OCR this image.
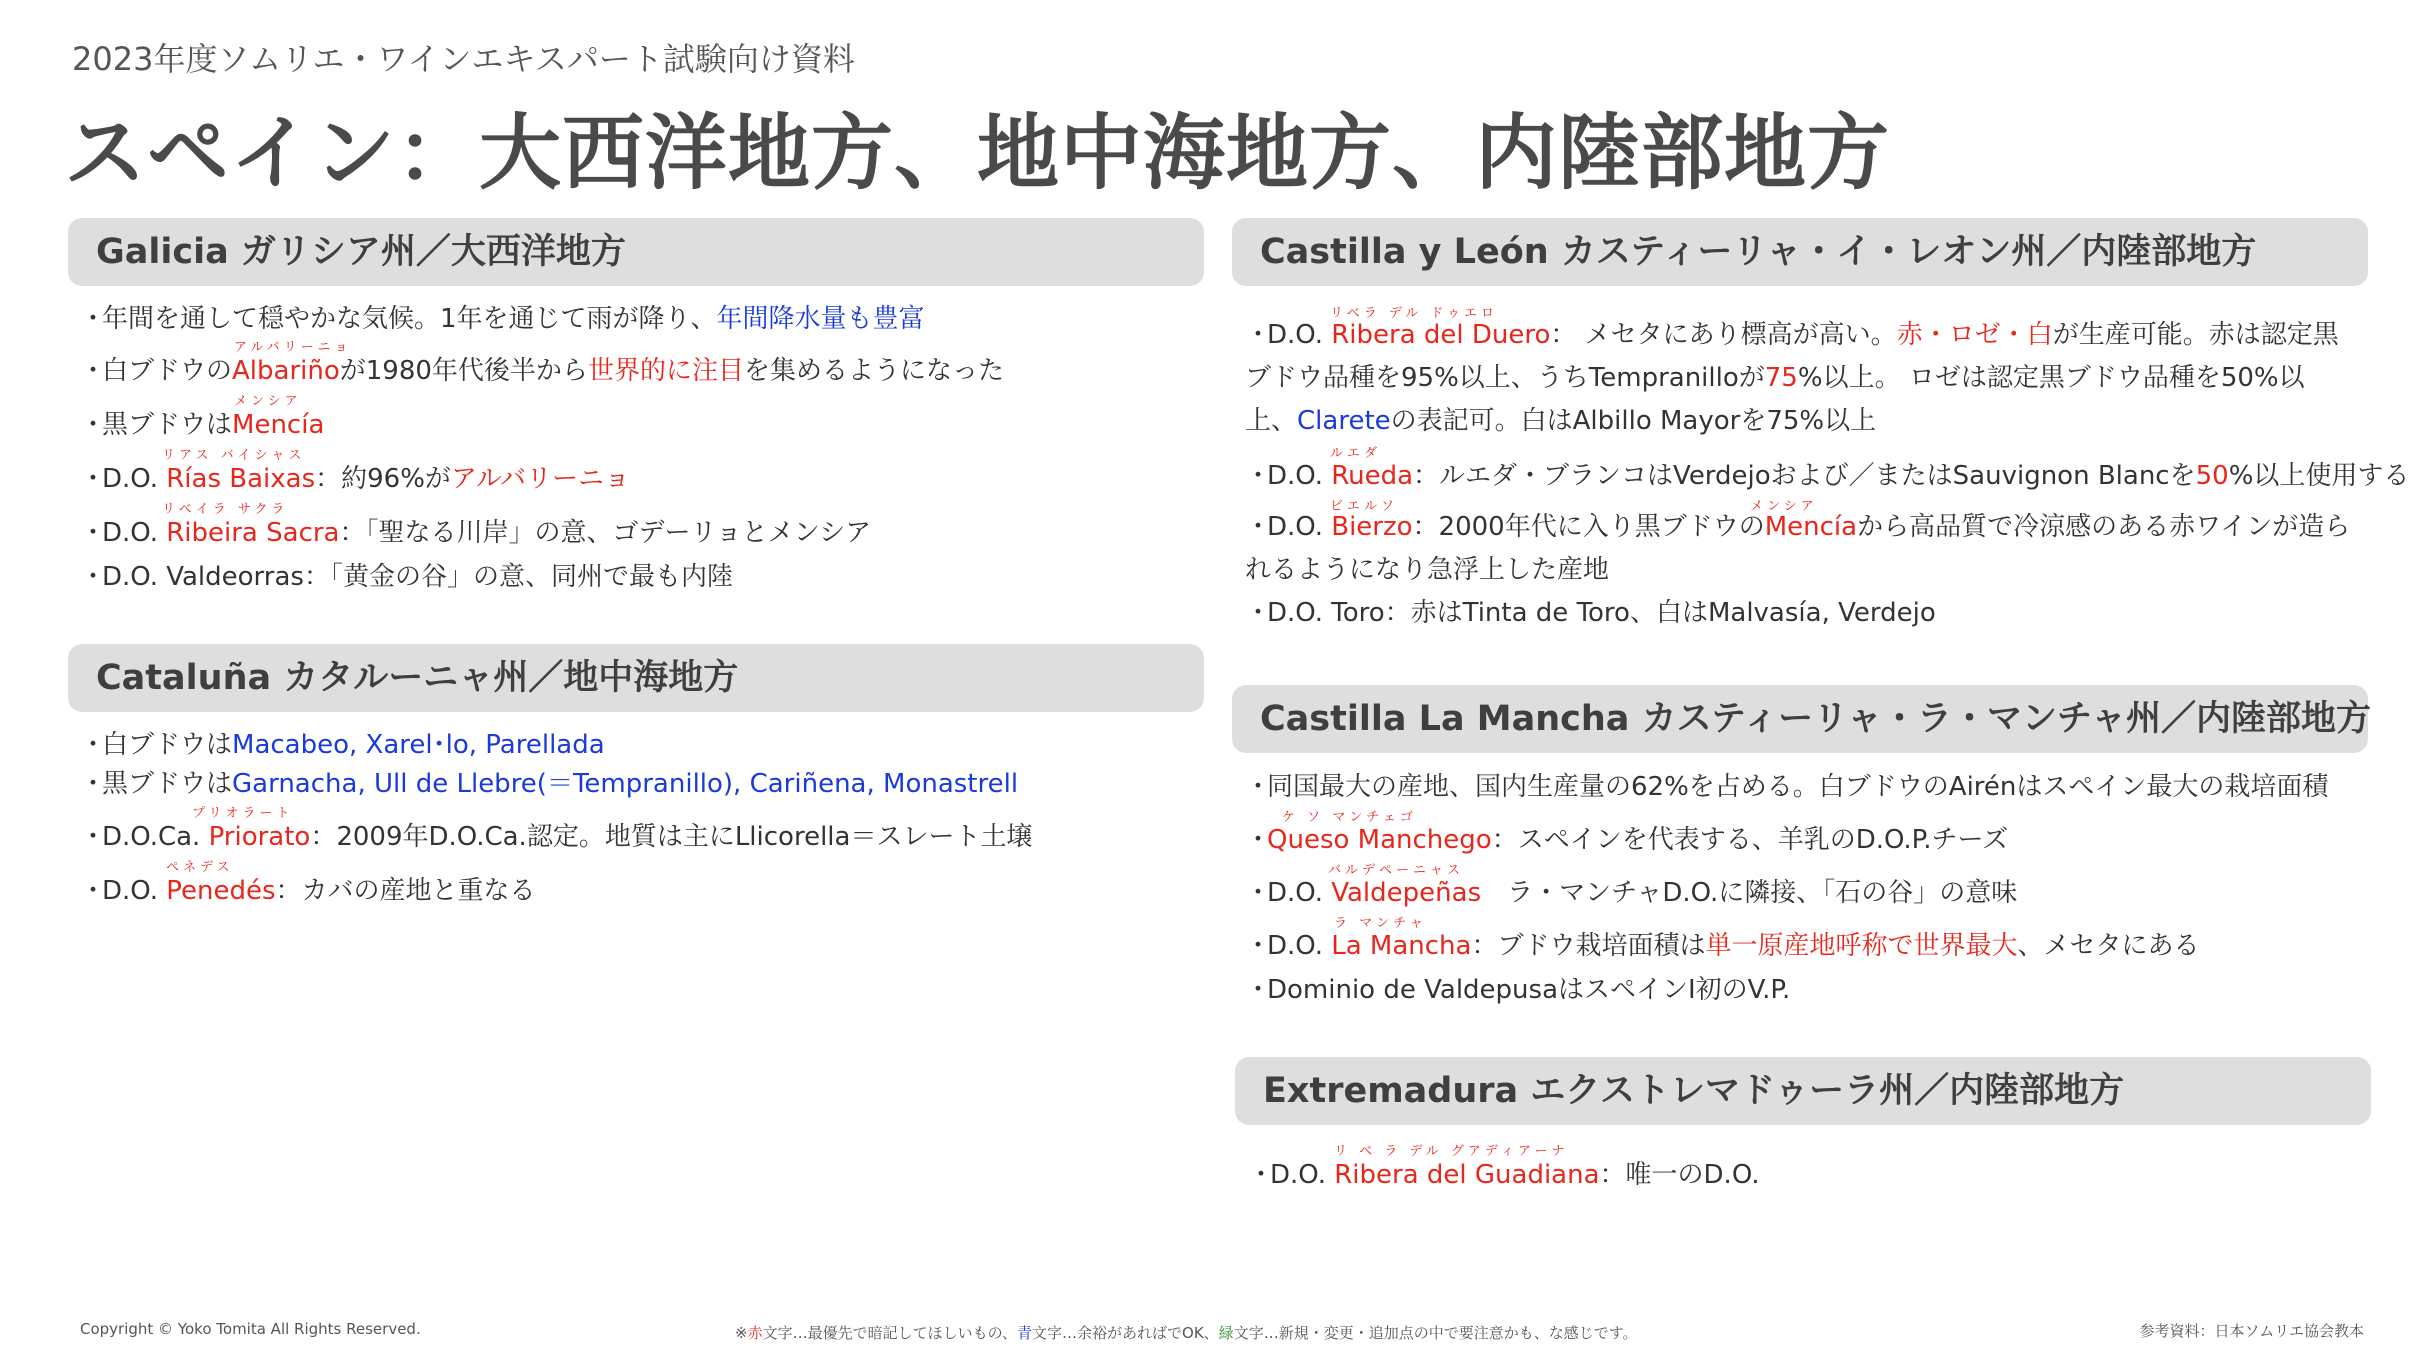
2023年度ソムリエ・ワインエキスパート試験向け資料
スペイン：大西洋地方、地中海地方、内陸部地方
Galicia ガリシア州／大西洋地方
・年間を通して穏やかな気候。1年を通じて雨が降り、年間降水量も豊富
アルバリーニョ
・白ブドウのAlbariñoが1980年代後半から世界的に注目を集めるようになった
メンシア
・黒ブドウはMencía
リアス バイシャス
・D.O. Rías Baixas：約96%がアルバリーニョ
リベイラ サクラ
・D.O. Ribeira Sacra：「聖なる川岸」の意、ゴデーリョとメンシア
・D.O. Valdeorras：「黄金の谷」の意、同州で最も内陸
Cataluña カタルーニャ州／地中海地方
・白ブドウはMacabeo, Xarel･lo, Parellada
・黒ブドウはGarnacha, Ull de Llebre(＝Tempranillo), Cariñena, Monastrell
プリオラート
・D.O.Ca. Priorato：2009年D.O.Ca.認定。地質は主にLlicorella＝スレート土壌
ペネデス
・D.O. Penedés：カバの産地と重なる
Castilla y León カスティーリャ・イ・レオン州／内陸部地方
リベラ デル ドゥエロ
・D.O. Ribera del Duero： メセタにあり標高が高い。赤・ロゼ・白が生産可能。赤は認定黒ブドウ品種を95%以上、うちTempranilloが75%以上。 ロゼは認定黒ブドウ品種を50%以上、Clareteの表記可。白はAlbillo Mayorを75%以上
ルエダ
・D.O. Rueda：ルエダ・ブランコはVerdejoおよび／またはSauvignon Blancを50%以上使用する
ビエルソ	メンシア
・D.O. Bierzo：2000年代に入り黒ブドウのMencíaから高品質で冷涼感のある赤ワインが造られるようになり急浮上した産地
・D.O. Toro：赤はTinta de Toro、白はMalvasía, Verdejo
Castilla La Mancha カスティーリャ・ラ・マンチャ州／内陸部地方
・同国最大の産地、国内生産量の62%を占める。白ブドウのAirénはスペイン最大の栽培面積
ケ ソ マンチェゴ
・Queso Manchego：スペインを代表する、羊乳のD.O.P.チーズ
バルデペーニャス
・D.O. Valdepeñas　ラ・マンチャD.O.に隣接、「石の谷」の意味
ラ マンチャ
・D.O. La Mancha：ブドウ栽培面積は単一原産地呼称で世界最大、メセタにある
・Dominio de ValdepusaはスペインⅠ初のV.P.
Extremadura エクストレマドゥーラ州／内陸部地方
リ ベ ラ デル グアディアーナ
・D.O. Ribera del Guadiana：唯一のD.O.
Copyright © Yoko Tomita All Rights Reserved.	※赤文字…最優先で暗記してほしいもの、青文字…余裕があればでOK、緑文字…新規・変更・追加点の中で要注意かも、な感じです。	参考資料：日本ソムリエ協会教本
